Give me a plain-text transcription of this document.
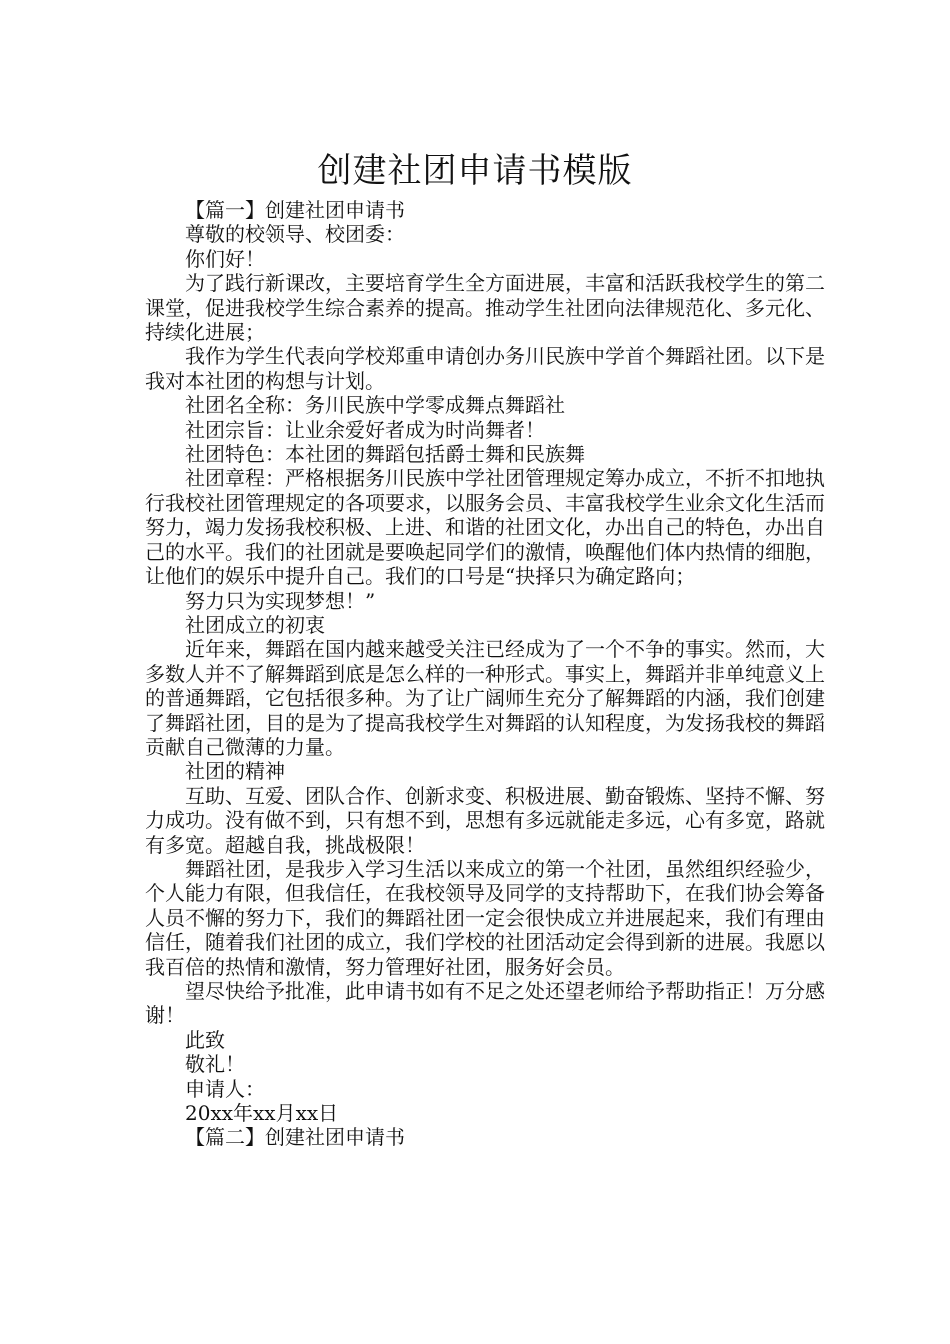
创建社团申请书模版

【篇一】创建社团申请书

尊敬的校领导、校团委：

你们好！

为了践行新课改，主要培育学生全方面进展，丰富和活跃我校学生的第二课堂，促进我校学生综合素养的提高。推动学生社团向法律规范化、多元化、持续化进展；

我作为学生代表向学校郑重申请创办务川民族中学首个舞蹈社团。以下是我对本社团的构想与计划。

社团名全称：务川民族中学零成舞点舞蹈社

社团宗旨：让业余爱好者成为时尚舞者！

社团特色：本社团的舞蹈包括爵士舞和民族舞

社团章程：严格根据务川民族中学社团管理规定筹办成立，不折不扣地执行我校社团管理规定的各项要求，以服务会员、丰富我校学生业余文化生活而努力，竭力发扬我校积极、上进、和谐的社团文化，办出自己的特色，办出自己的水平。我们的社团就是要唤起同学们的激情，唤醒他们体内热情的细胞，让他们的娱乐中提升自己。我们的口号是“抉择只为确定路向；

努力只为实现梦想！”

社团成立的初衷

近年来，舞蹈在国内越来越受关注已经成为了一个不争的事实。然而，大多数人并不了解舞蹈到底是怎么样的一种形式。事实上，舞蹈并非单纯意义上的普通舞蹈，它包括很多种。为了让广阔师生充分了解舞蹈的内涵，我们创建了舞蹈社团，目的是为了提高我校学生对舞蹈的认知程度，为发扬我校的舞蹈贡献自己微薄的力量。

社团的精神

互助、互爱、团队合作、创新求变、积极进展、勤奋锻炼、坚持不懈、努力成功。没有做不到，只有想不到，思想有多远就能走多远，心有多宽，路就有多宽。超越自我，挑战极限！

舞蹈社团，是我步入学习生活以来成立的第一个社团，虽然组织经验少，个人能力有限，但我信任，在我校领导及同学的支持帮助下，在我们协会筹备人员不懈的努力下，我们的舞蹈社团一定会很快成立并进展起来，我们有理由信任，随着我们社团的成立，我们学校的社团活动定会得到新的进展。我愿以我百倍的热情和激情，努力管理好社团，服务好会员。

望尽快给予批准，此申请书如有不足之处还望老师给予帮助指正！万分感谢！

此致

敬礼！

申请人：

20xx年xx月xx日

【篇二】创建社团申请书
